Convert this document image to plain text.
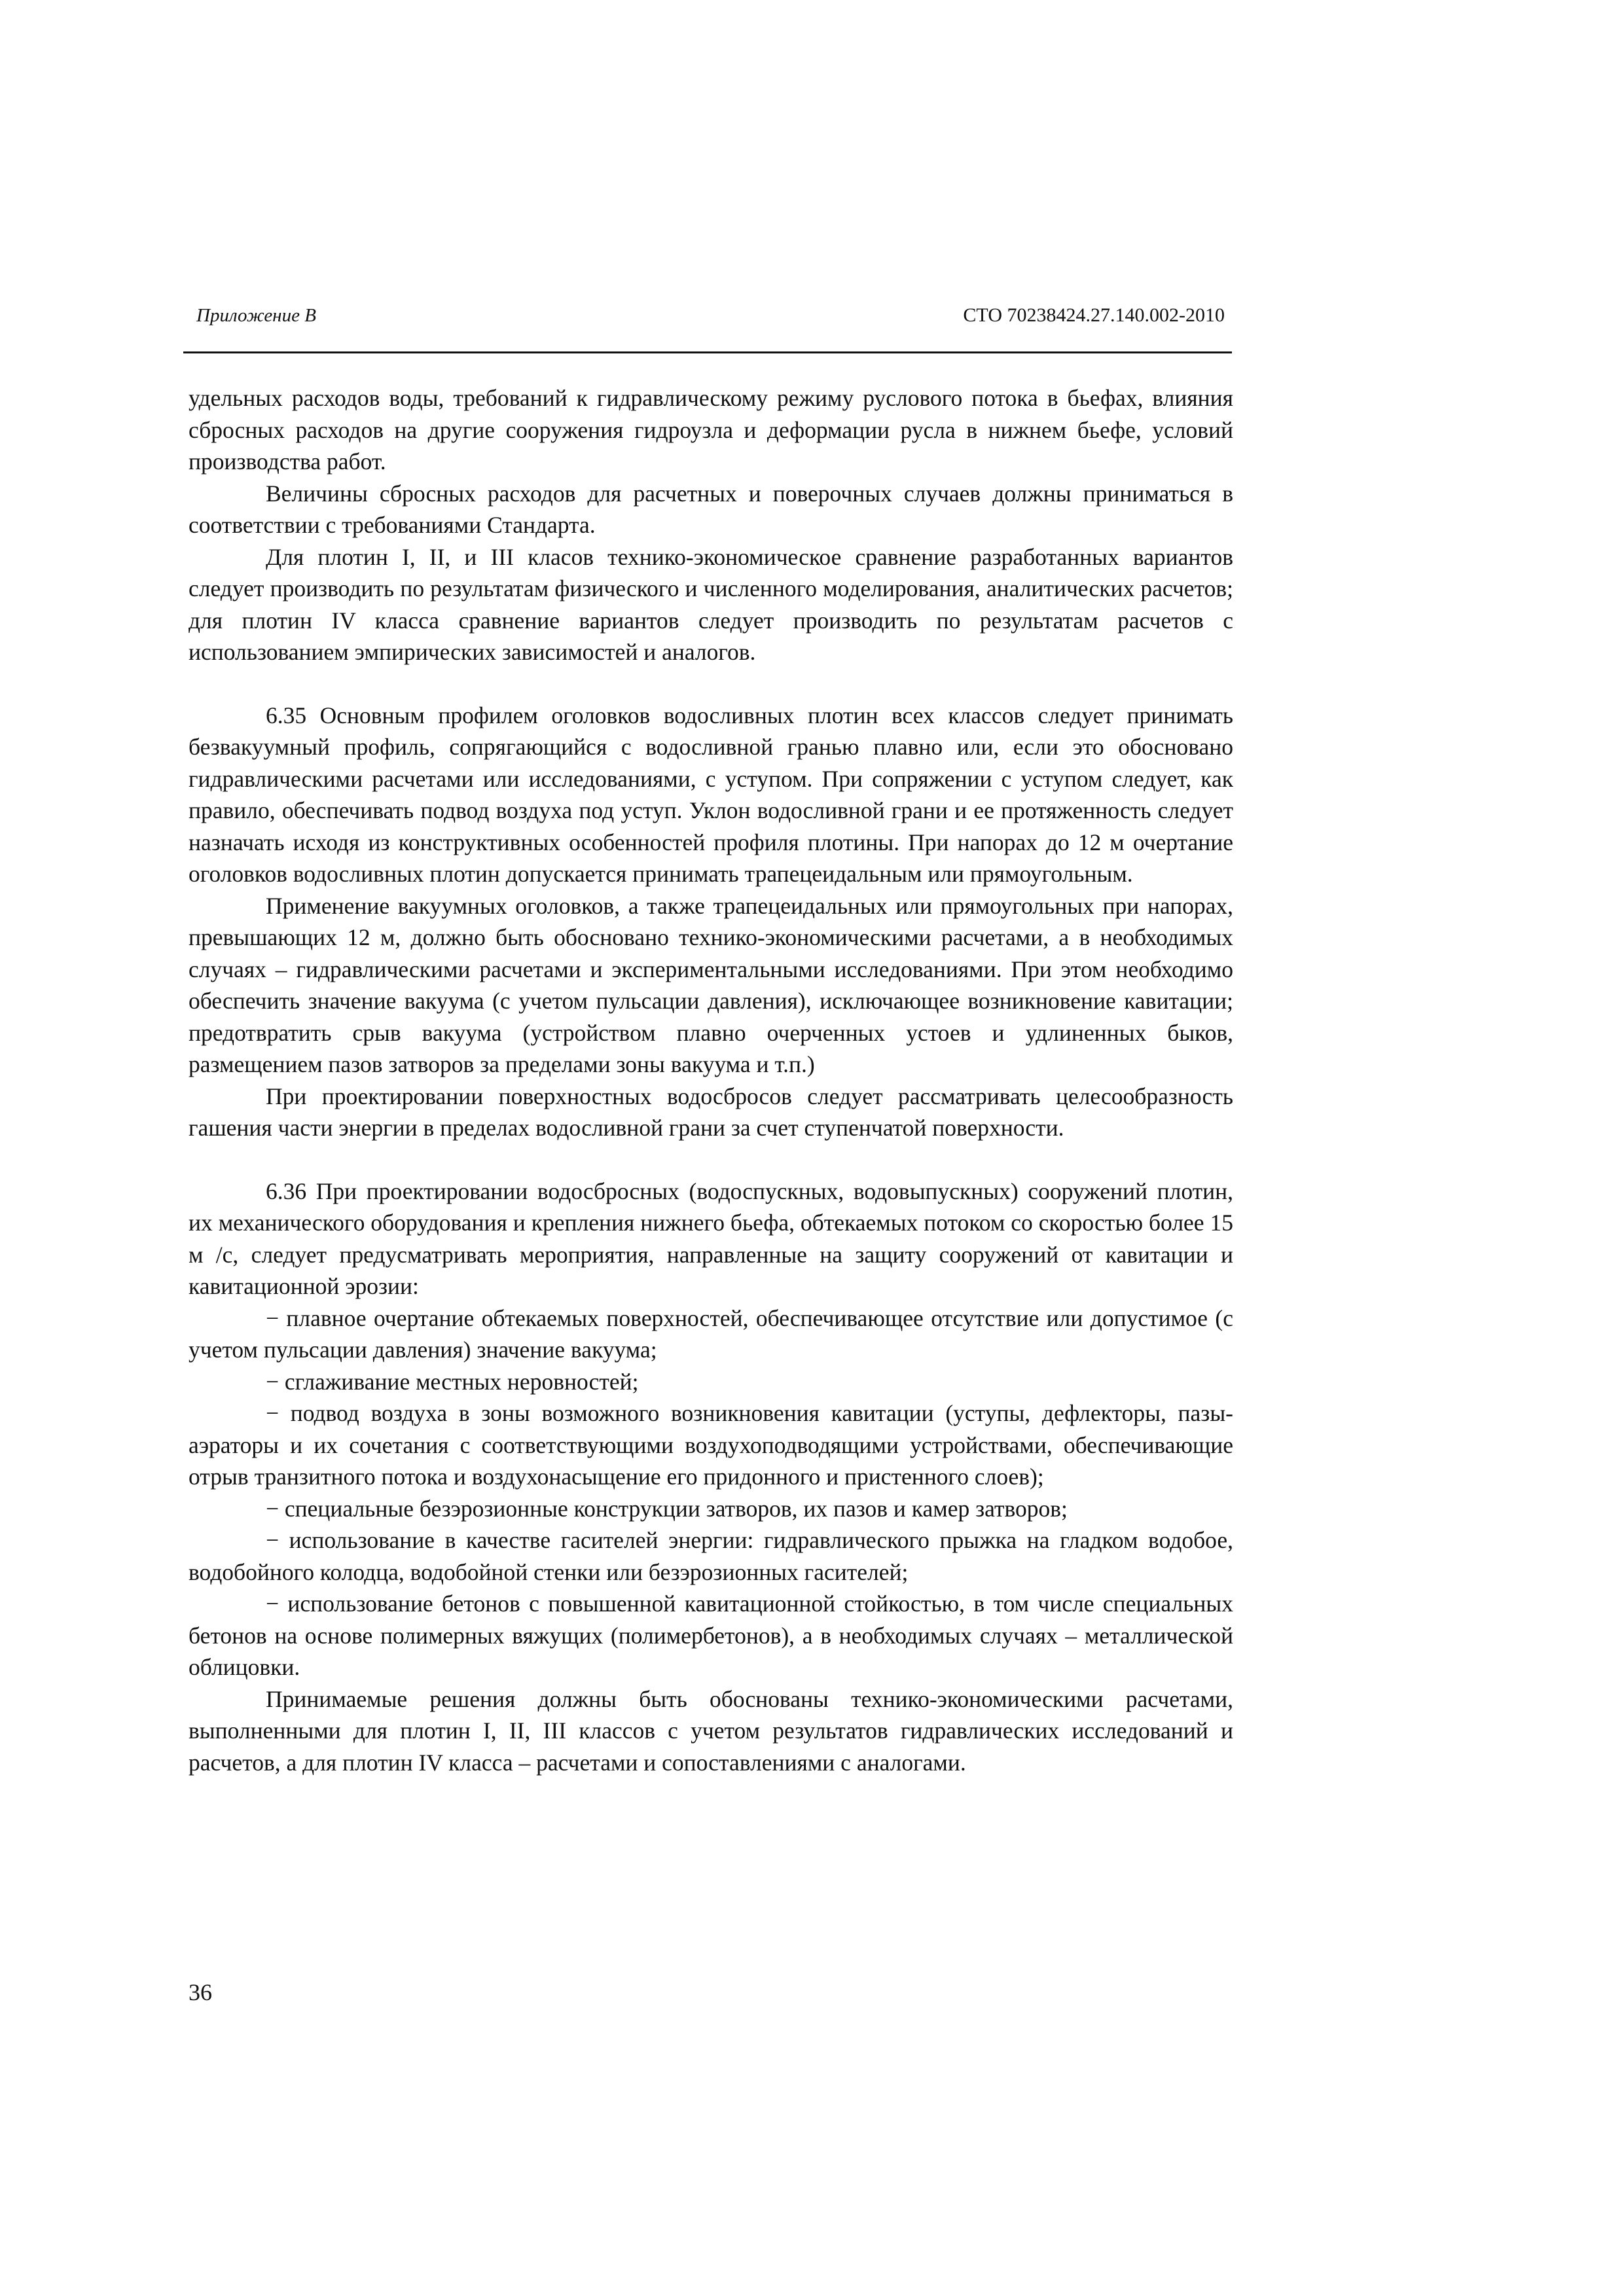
Приложение В	СТО 70238424.27.140.002-2010

удельных расходов воды, требований к гидравлическому режиму руслового потока в бьефах, влияния сбросных расходов на другие сооружения гидроузла и деформации русла в нижнем бьефе, условий производства работ.

Величины сбросных расходов для расчетных и поверочных случаев должны приниматься в соответствии с требованиями Стандарта.

Для плотин I, II, и III класов технико-экономическое сравнение разработанных вариантов следует производить по результатам физического и численного моделирования, аналитических расчетов; для плотин IV класса сравнение вариантов следует производить по результатам расчетов с использованием эмпирических зависимостей и аналогов.

6.35 Основным профилем оголовков водосливных плотин всех классов следует принимать безвакуумный профиль, сопрягающийся с водосливной гранью плавно или, если это обосновано гидравлическими расчетами или исследованиями, с уступом. При сопряжении с уступом следует, как правило, обеспечивать подвод воздуха под уступ. Уклон водосливной грани и ее протяженность следует назначать исходя из конструктивных особенностей профиля плотины. При напорах до 12 м очертание оголовков водосливных плотин допускается принимать трапецеидальным или прямоугольным.

Применение вакуумных оголовков, а также трапецеидальных или прямоугольных при напорах, превышающих 12 м, должно быть обосновано технико-экономическими расчетами, а в необходимых случаях – гидравлическими расчетами и экспериментальными исследованиями. При этом необходимо обеспечить значение вакуума (с учетом пульсации давления), исключающее возникновение кавитации; предотвратить срыв вакуума (устройством плавно очерченных устоев и удлиненных быков, размещением пазов затворов за пределами зоны вакуума и т.п.)

При проектировании поверхностных водосбросов следует рассматривать целесообразность гашения части энергии в пределах водосливной грани за счет ступенчатой поверхности.

6.36 При проектировании водосбросных (водоспускных, водовыпускных) сооружений плотин, их механического оборудования и крепления нижнего бьефа, обтекаемых потоком со скоростью более 15 м /с, следует предусматривать мероприятия, направленные на защиту сооружений от кавитации и кавитационной эрозии:

− плавное очертание обтекаемых поверхностей, обеспечивающее отсутствие или допустимое (с учетом пульсации давления) значение вакуума;

− сглаживание местных неровностей;

− подвод воздуха в зоны возможного возникновения кавитации (уступы, дефлекторы, пазы-аэраторы и их сочетания с соответствующими воздухоподводящими устройствами, обеспечивающие отрыв транзитного потока и воздухонасыщение его придонного и пристенного слоев);

− специальные безэрозионные конструкции затворов, их пазов и камер затворов;

− использование в качестве гасителей энергии: гидравлического прыжка на гладком водобое, водобойного колодца, водобойной стенки или безэрозионных гасителей;

− использование бетонов с повышенной кавитационной стойкостью, в том числе специальных бетонов на основе полимерных вяжущих (полимербетонов), а в необходимых случаях – металлической облицовки.

Принимаемые решения должны быть обоснованы технико-экономическими расчетами, выполненными для плотин I, II, III классов с учетом результатов гидравлических исследований и расчетов, а для плотин IV класса – расчетами и сопоставлениями с аналогами.

36
